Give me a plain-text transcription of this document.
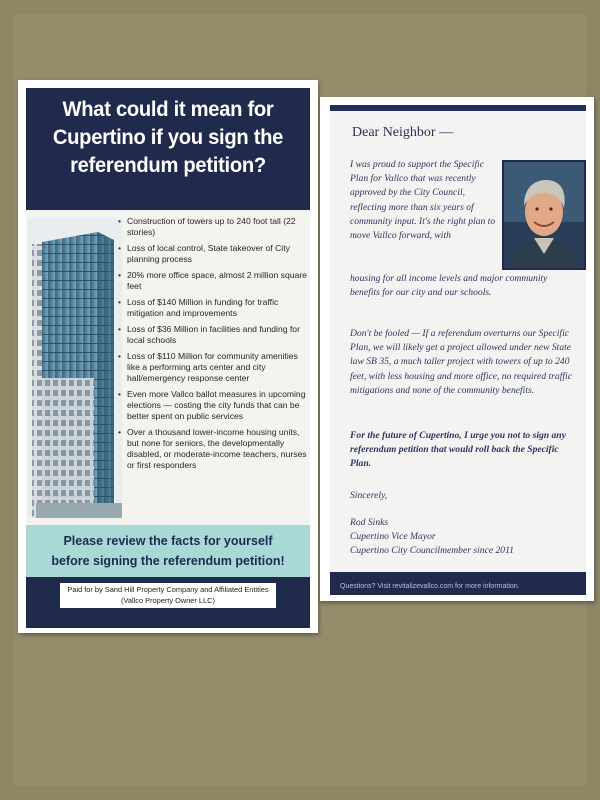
What could it mean for
Cupertino if you sign the
referendum petition?
• Construction of towers up to 240 foot tall (22 stories)
• Loss of local control, State takeover of City planning process
• 20% more office space, almost 2 million square feet
• Loss of $140 Million in funding for traffic mitigation and improvements
• Loss of $36 Million in facilities and funding for local schools
• Loss of $110 Million for community amenities like a performing arts center and city hall/emergency response center
• Even more Vallco ballot measures in upcoming elections — costing the city funds that can be better spent on public services
• Over a thousand lower-income housing units, but none for seniors, the developmentally disabled, or moderate-income teachers, nurses or first responders
Please review the facts for yourself
before signing the referendum petition!
Paid for by Sand Hill Property Company and Affiliated Entities
(Vallco Property Owner LLC)
Dear Neighbor —
I was proud to support the Specific Plan for Vallco that was recently approved by the City Council, reflecting more than six years of community input. It's the right plan to move Vallco forward, with
housing for all income levels and major community benefits for our city and our schools.
Don't be fooled — If a referendum overturns our Specific Plan, we will likely get a project allowed under new State law SB 35, a much taller project with towers of up to 240 feet, with less housing and more office, no required traffic mitigations and none of the community benefits.
For the future of Cupertino, I urge you not to sign any referendum petition that would roll back the Specific Plan.
Sincerely,
Rod Sinks
Cupertino Vice Mayor
Cupertino City Councilmember since 2011
Questions? Visit revitalizevallco.com for more information.
